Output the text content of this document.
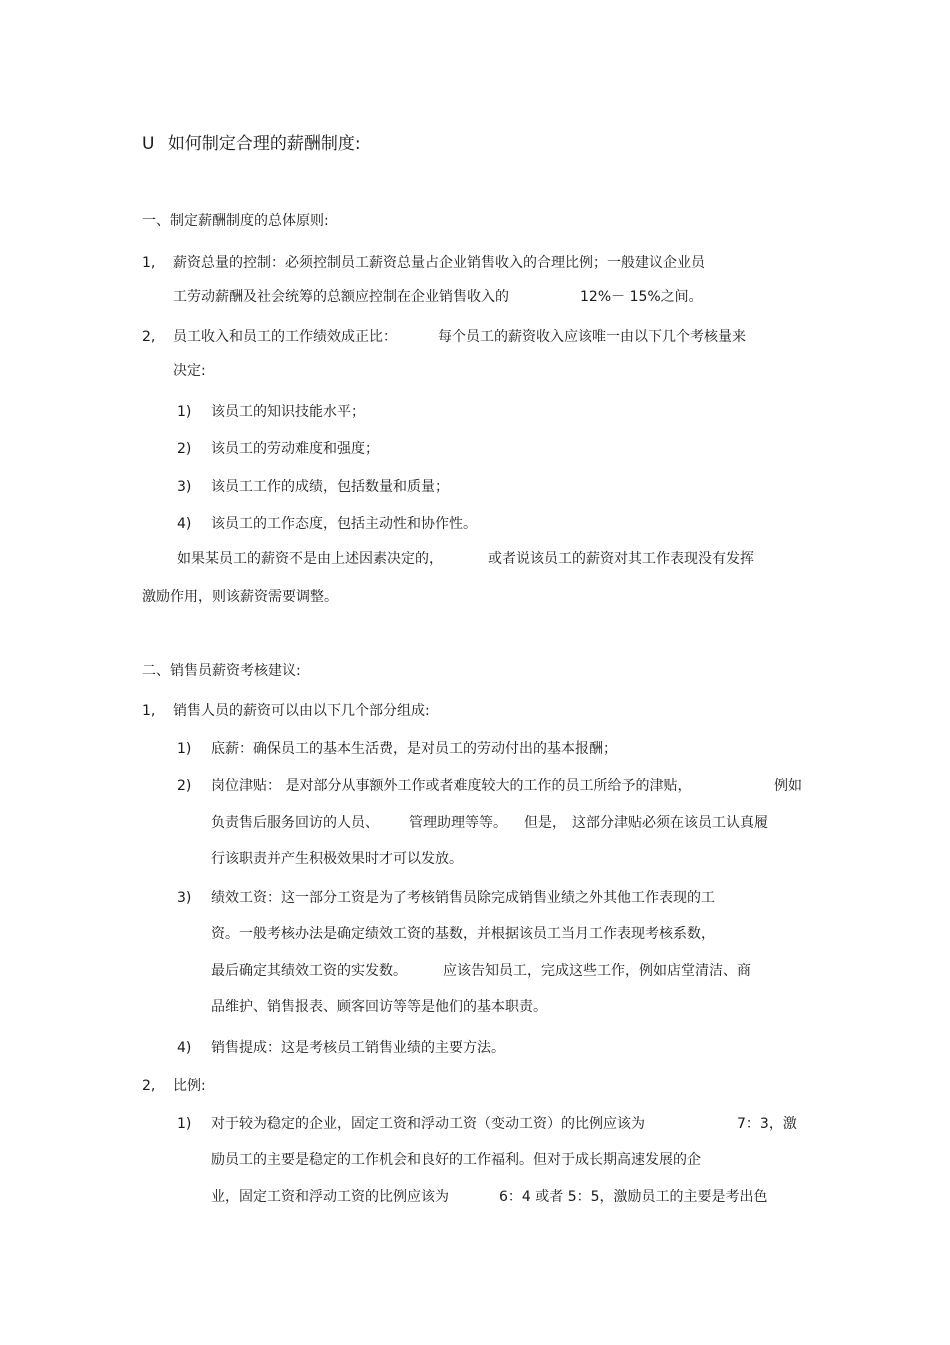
U 如何制定合理的薪酬制度:
一、制定薪酬制度的总体原则:
1, 薪资总量的控制：必须控制员工薪资总量占企业销售收入的合理比例；一般建议企业员
工劳动薪酬及社会统筹的总额应控制在企业销售收入的	12%－ 15%之间。
2, 员工收入和员工的工作绩效成正比：	每个员工的薪资收入应该唯一由以下几个考核量来
决定:
1) 该员工的知识技能水平；
2) 该员工的劳动难度和强度；
3) 该员工工作的成绩，包括数量和质量；
4) 该员工的工作态度，包括主动性和协作性。
如果某员工的薪资不是由上述因素决定的，	或者说该员工的薪资对其工作表现没有发挥
激励作用，则该薪资需要调整。
二、销售员薪资考核建议:
1, 销售人员的薪资可以由以下几个部分组成:
1) 底薪：确保员工的基本生活费，是对员工的劳动付出的基本报酬；
2) 岗位津贴： 是对部分从事额外工作或者难度较大的工作的员工所给予的津贴，	例如
负责售后服务回访的人员、 管理助理等等。 但是， 这部分津贴必须在该员工认真履
行该职责并产生积极效果时才可以发放。
3) 绩效工资：这一部分工资是为了考核销售员除完成销售业绩之外其他工作表现的工
资。一般考核办法是确定绩效工资的基数，并根据该员工当月工作表现考核系数，
最后确定其绩效工资的实发数。	应该告知员工，完成这些工作，例如店堂清洁、商
品维护、销售报表、顾客回访等等是他们的基本职责。
4) 销售提成：这是考核员工销售业绩的主要方法。
2, 比例:
1) 对于较为稳定的企业，固定工资和浮动工资（变动工资）的比例应该为	7：3，激
励员工的主要是稳定的工作机会和良好的工作福利。但对于成长期高速发展的企
业，固定工资和浮动工资的比例应该为	6：4 或者 5：5，激励员工的主要是考出色
